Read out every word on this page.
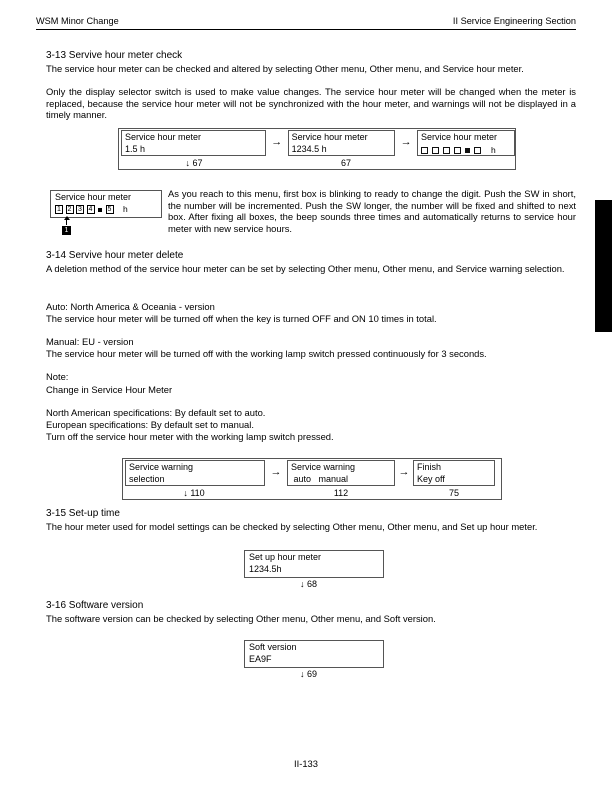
WSM Minor Change	II Service Engineering Section
3-13 Servive hour meter check
The service hour meter can be checked and altered by selecting Other menu, Other menu, and Service hour meter.
Only the display selector switch is used to make value changes. The service hour meter will be changed when the meter is replaced, because the service hour meter will not be synchronized with the hour meter, and warnings will not be displayed in a timely manner.
Service hour meter
1.5 h
→	Service hour meter
1234.5 h
→	Service hour meter
h
↓ 67	67
Service hour meter
1 2 3 4 5 h
1
As you reach to this menu, first box is blinking to ready to change the digit. Push the SW in short, the number will be incremented. Push the SW longer, the number will be fixed and shifted to next box. After fixing all boxes, the beep sounds three times and automatically returns to service hour meter with new service hours.
3-14 Servive hour meter delete
A deletion method of the service hour meter can be set by selecting Other menu, Other menu, and Service warning selection.
Auto: North America & Oceania - version
The service hour meter will be turned off when the key is turned OFF and ON 10 times in total.
Manual: EU - version
The service hour meter will be turned off with the working lamp switch pressed continuously for 3 seconds.
Note:
Change in Service Hour Meter
North American specifications: By default set to auto.
European specifications: By default set to manual.
Turn off the service hour meter with the working lamp switch pressed.
Service warning
selection
→	Service warning
auto   manual
→ Finish
Key off
↓ 110	112	75
3-15 Set-up time
The hour meter used for model settings can be checked by selecting Other menu, Other menu, and Set up hour meter.
Set up hour meter
1234.5h
↓ 68
3-16 Software version
The software version can be checked by selecting Other menu, Other menu, and Soft version.
Soft version
EA9F
↓ 69
II-133
